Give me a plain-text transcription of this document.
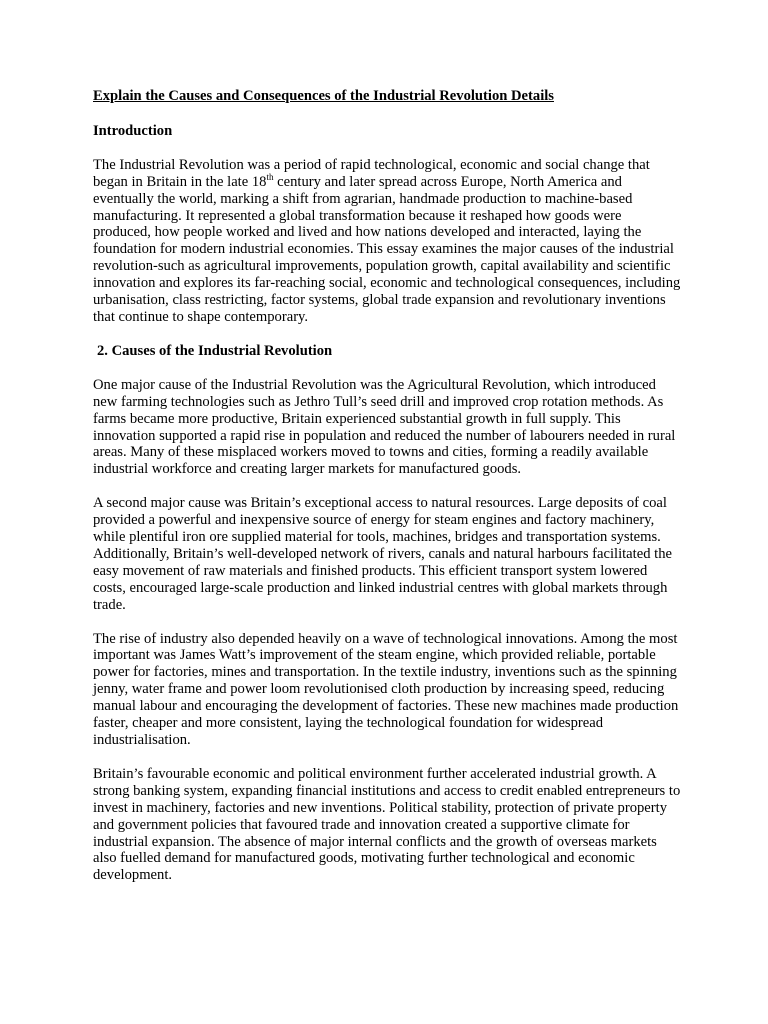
Explain the Causes and Consequences of the Industrial Revolution Details

Introduction

The Industrial Revolution was a period of rapid technological, economic and social change that began in Britain in the late 18th century and later spread across Europe, North America and eventually the world, marking a shift from agrarian, handmade production to machine-based manufacturing. It represented a global transformation because it reshaped how goods were produced, how people worked and lived and how nations developed and interacted, laying the foundation for modern industrial economies. This essay examines the major causes of the industrial revolution-such as agricultural improvements, population growth, capital availability and scientific innovation and explores its far-reaching social, economic and technological consequences, including urbanisation, class restricting, factor systems, global trade expansion and revolutionary inventions that continue to shape contemporary.

2. Causes of the Industrial Revolution

One major cause of the Industrial Revolution was the Agricultural Revolution, which introduced new farming technologies such as Jethro Tull’s seed drill and improved crop rotation methods. As farms became more productive, Britain experienced substantial growth in full supply. This innovation supported a rapid rise in population and reduced the number of labourers needed in rural areas. Many of these misplaced workers moved to towns and cities, forming a readily available industrial workforce and creating larger markets for manufactured goods.

A second major cause was Britain’s exceptional access to natural resources. Large deposits of coal provided a powerful and inexpensive source of energy for steam engines and factory machinery, while plentiful iron ore supplied material for tools, machines, bridges and transportation systems. Additionally, Britain’s well-developed network of rivers, canals and natural harbours facilitated the easy movement of raw materials and finished products. This efficient transport system lowered costs, encouraged large-scale production and linked industrial centres with global markets through trade.

The rise of industry also depended heavily on a wave of technological innovations. Among the most important was James Watt’s improvement of the steam engine, which provided reliable, portable power for factories, mines and transportation. In the textile industry, inventions such as the spinning jenny, water frame and power loom revolutionised cloth production by increasing speed, reducing manual labour and encouraging the development of factories. These new machines made production faster, cheaper and more consistent, laying the technological foundation for widespread industrialisation.

Britain’s favourable economic and political environment further accelerated industrial growth. A strong banking system, expanding financial institutions and access to credit enabled entrepreneurs to invest in machinery, factories and new inventions. Political stability, protection of private property and government policies that favoured trade and innovation created a supportive climate for industrial expansion. The absence of major internal conflicts and the growth of overseas markets also fuelled demand for manufactured goods, motivating further technological and economic development.
